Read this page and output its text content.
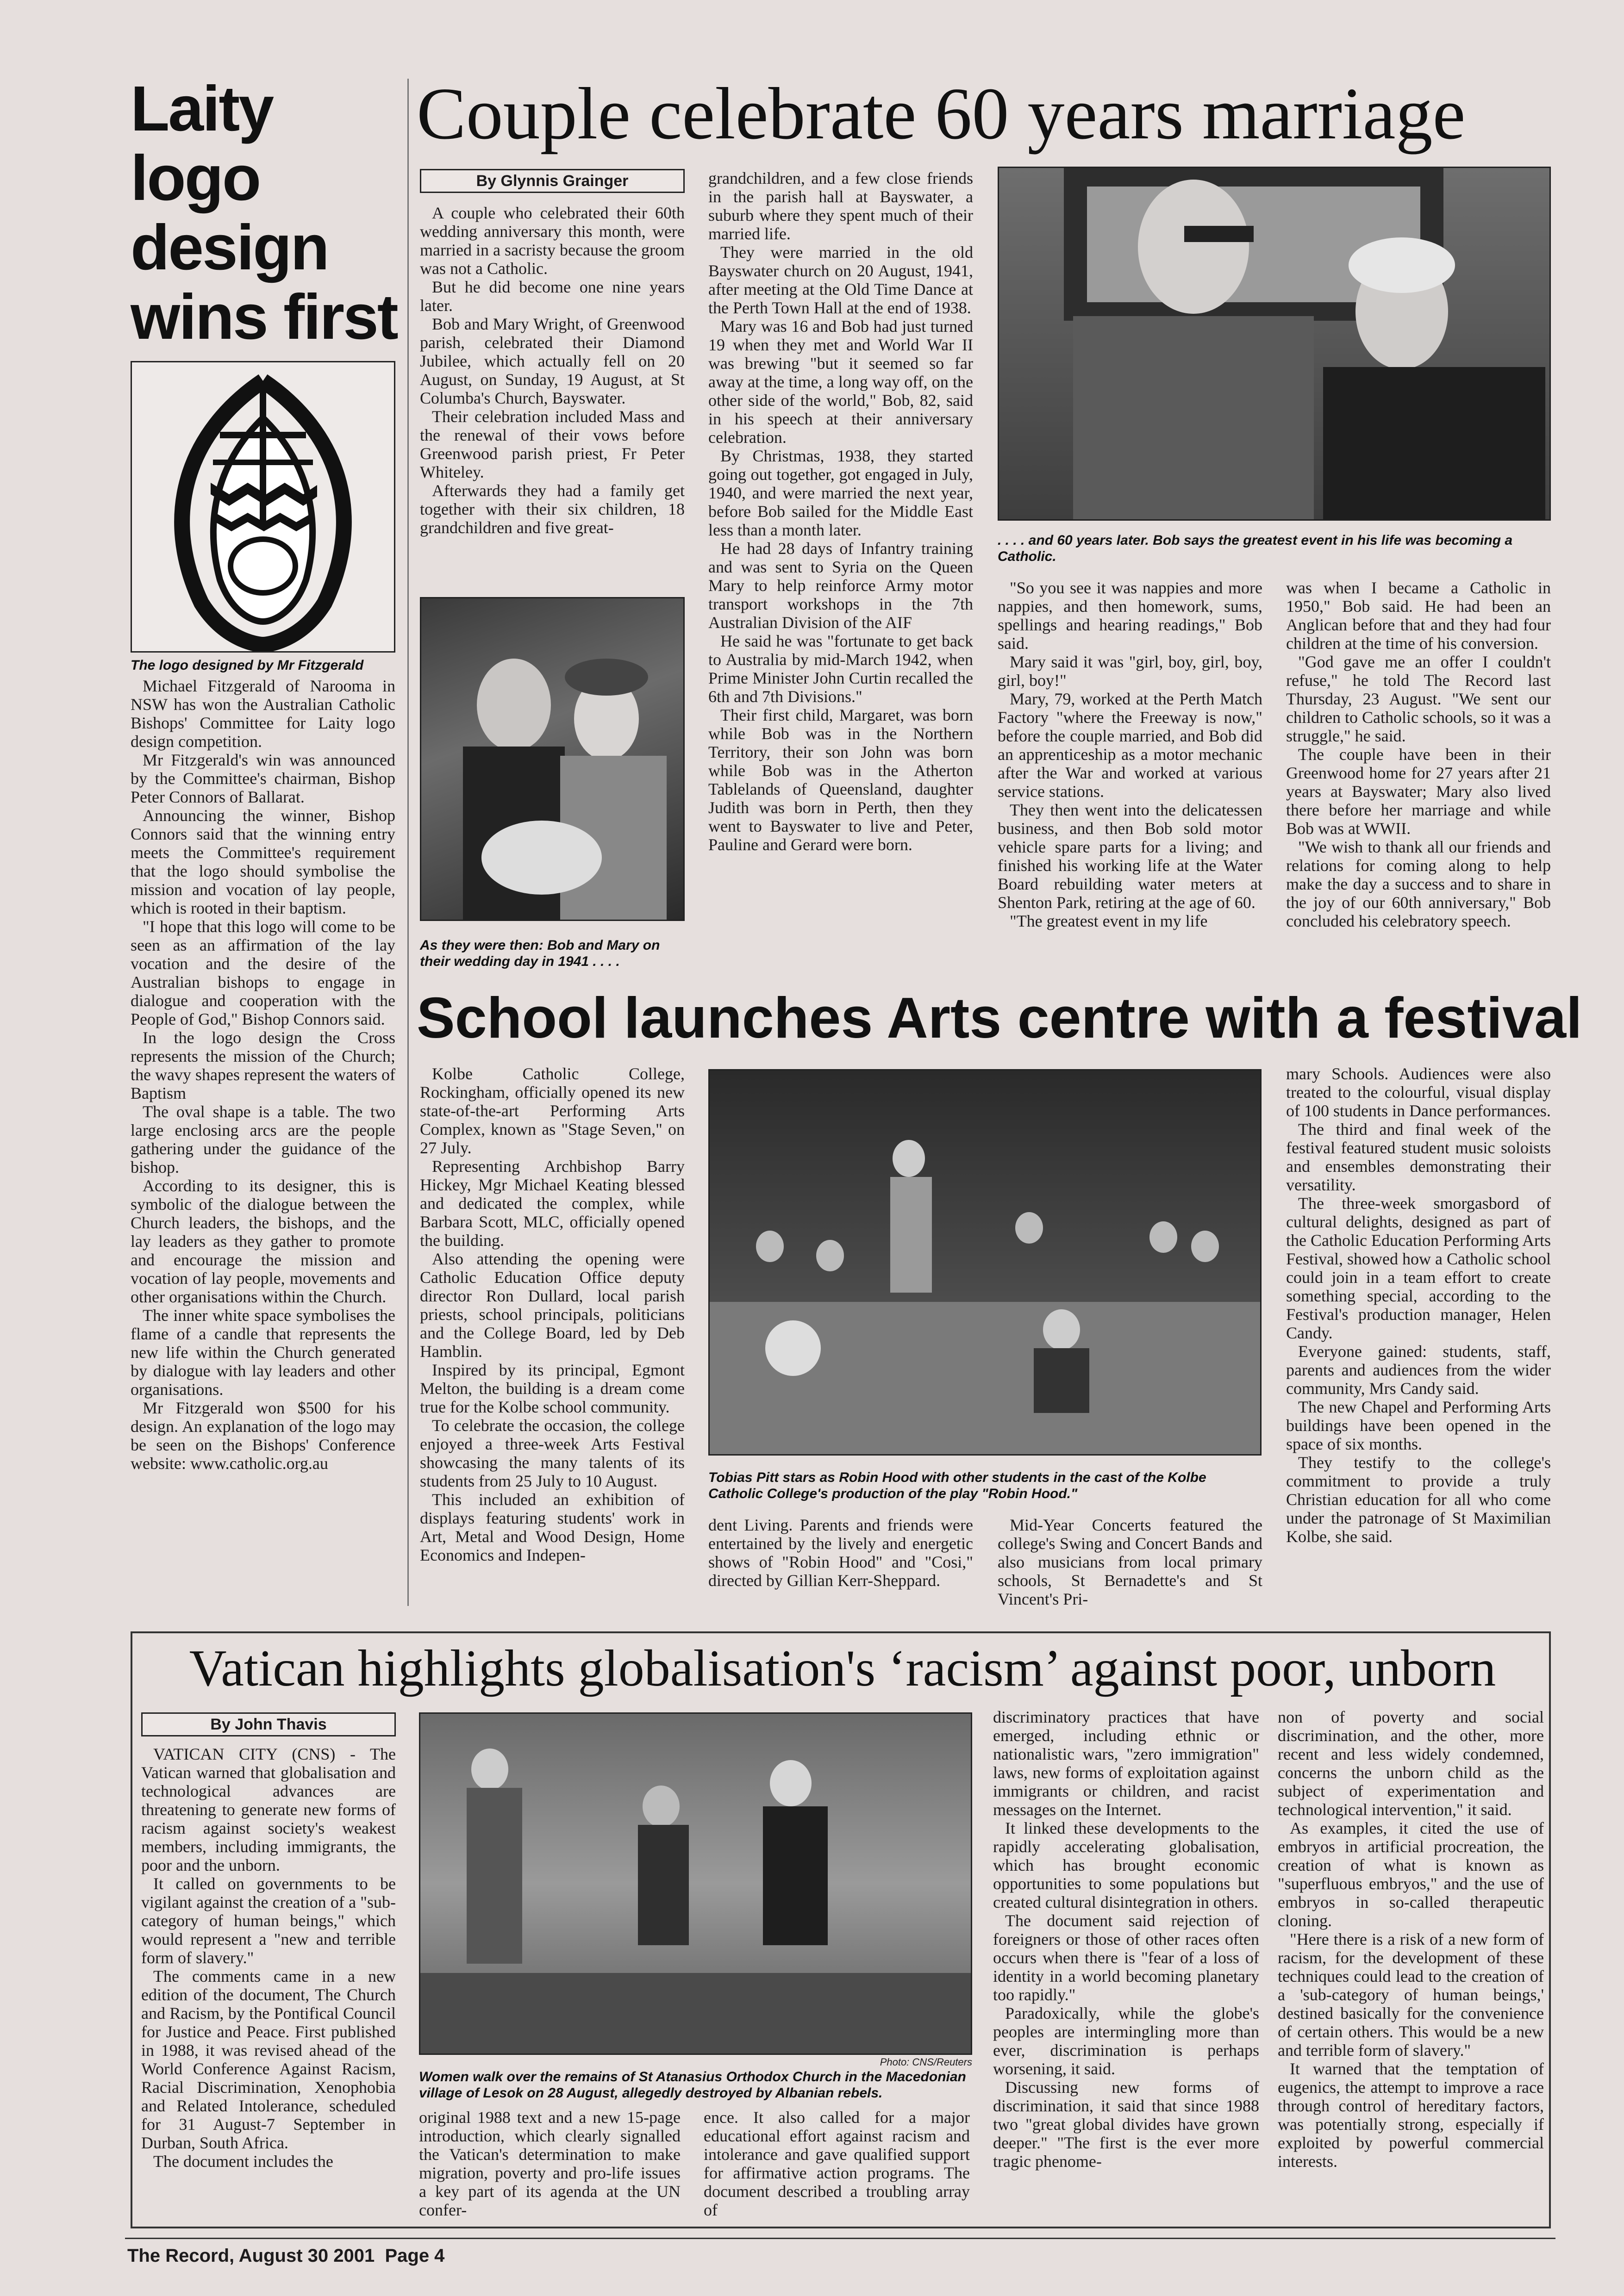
Laity logo design wins first
The logo designed by Mr Fitzgerald

Michael Fitzgerald of Narooma in NSW has won the Australian Catholic Bishops' Committee for Laity logo design competition.

Mr Fitzgerald's win was announced by the Committee's chairman, Bishop Peter Connors of Ballarat.

Announcing the winner, Bishop Connors said that the winning entry meets the Committee's requirement that the logo should symbolise the mission and vocation of lay people, which is rooted in their baptism.

"I hope that this logo will come to be seen as an affirmation of the lay vocation and the desire of the Australian bishops to engage in dialogue and cooperation with the People of God," Bishop Connors said.

In the logo design the Cross represents the mission of the Church; the wavy shapes represent the waters of Baptism

The oval shape is a table. The two large enclosing arcs are the people gathering under the guidance of the bishop.

According to its designer, this is symbolic of the dialogue between the Church leaders, the bishops, and the lay leaders as they gather to promote and encourage the mission and vocation of lay people, movements and other organisations within the Church.

The inner white space symbolises the flame of a candle that represents the new life within the Church generated by dialogue with lay leaders and other organisations.

Mr Fitzgerald won $500 for his design. An explanation of the logo may be seen on the Bishops' Conference website: www.catholic.org.au

Couple celebrate 60 years marriage
By Glynnis Grainger

A couple who celebrated their 60th wedding anniversary this month, were married in a sacristy because the groom was not a Catholic.

But he did become one nine years later.

Bob and Mary Wright, of Greenwood parish, celebrated their Diamond Jubilee, which actually fell on 20 August, on Sunday, 19 August, at St Columba's Church, Bayswater.

Their celebration included Mass and the renewal of their vows before Greenwood parish priest, Fr Peter Whiteley.

Afterwards they had a family get together with their six children, 18 grandchildren and five great-

As they were then: Bob and Mary on their wedding day in 1941 . . . .

grandchildren, and a few close friends in the parish hall at Bayswater, a suburb where they spent much of their married life.

They were married in the old Bayswater church on 20 August, 1941, after meeting at the Old Time Dance at the Perth Town Hall at the end of 1938.

Mary was 16 and Bob had just turned 19 when they met and World War II was brewing "but it seemed so far away at the time, a long way off, on the other side of the world," Bob, 82, said in his speech at their anniversary celebration.

By Christmas, 1938, they started going out together, got engaged in July, 1940, and were married the next year, before Bob sailed for the Middle East less than a month later.

He had 28 days of Infantry training and was sent to Syria on the Queen Mary to help reinforce Army motor transport workshops in the 7th Australian Division of the AIF

He said he was "fortunate to get back to Australia by mid-March 1942, when Prime Minister John Curtin recalled the 6th and 7th Divisions."

Their first child, Margaret, was born while Bob was in the Northern Territory, their son John was born while Bob was in the Atherton Tablelands of Queensland, daughter Judith was born in Perth, then they went to Bayswater to live and Peter, Pauline and Gerard were born.

. . . . and 60 years later. Bob says the greatest event in his life was becoming a Catholic.

"So you see it was nappies and more nappies, and then homework, sums, spellings and hearing readings," Bob said.

Mary said it was "girl, boy, girl, boy, girl, boy!"

Mary, 79, worked at the Perth Match Factory "where the Freeway is now," before the couple married, and Bob did an apprenticeship as a motor mechanic after the War and worked at various service stations.

They then went into the delicatessen business, and then Bob sold motor vehicle spare parts for a living; and finished his working life at the Water Board rebuilding water meters at Shenton Park, retiring at the age of 60.

"The greatest event in my life

was when I became a Catholic in 1950," Bob said. He had been an Anglican before that and they had four children at the time of his conversion.

"God gave me an offer I couldn't refuse," he told The Record last Thursday, 23 August. "We sent our children to Catholic schools, so it was a struggle," he said.

The couple have been in their Greenwood home for 27 years after 21 years at Bayswater; Mary also lived there before her marriage and while Bob was at WWII.

"We wish to thank all our friends and relations for coming along to help make the day a success and to share in the joy of our 60th anniversary," Bob concluded his celebratory speech.

School launches Arts centre with a festival

Kolbe Catholic College, Rockingham, officially opened its new state-of-the-art Performing Arts Complex, known as "Stage Seven," on 27 July.

Representing Archbishop Barry Hickey, Mgr Michael Keating blessed and dedicated the complex, while Barbara Scott, MLC, officially opened the building.

Also attending the opening were Catholic Education Office deputy director Ron Dullard, local parish priests, school principals, politicians and the College Board, led by Deb Hamblin.

Inspired by its principal, Egmont Melton, the building is a dream come true for the Kolbe school community.

To celebrate the occasion, the college enjoyed a three-week Arts Festival showcasing the many talents of its students from 25 July to 10 August.

This included an exhibition of displays featuring students' work in Art, Metal and Wood Design, Home Economics and Indepen-

Tobias Pitt stars as Robin Hood with other students in the cast of the Kolbe Catholic College's production of the play "Robin Hood."

dent Living. Parents and friends were entertained by the lively and energetic shows of "Robin Hood" and "Cosi," directed by Gillian Kerr-Sheppard.

Mid-Year Concerts featured the college's Swing and Concert Bands and also musicians from local primary schools, St Bernadette's and St Vincent's Pri-

mary Schools. Audiences were also treated to the colourful, visual display of 100 students in Dance performances.

The third and final week of the festival featured student music soloists and ensembles demonstrating their versatility.

The three-week smorgasbord of cultural delights, designed as part of the Catholic Education Performing Arts Festival, showed how a Catholic school could join in a team effort to create something special, according to the Festival's production manager, Helen Candy.

Everyone gained: students, staff, parents and audiences from the wider community, Mrs Candy said.

The new Chapel and Performing Arts buildings have been opened in the space of six months.

They testify to the college's commitment to provide a truly Christian education for all who come under the patronage of St Maximilian Kolbe, she said.

Vatican highlights globalisation's ‘racism’ against poor, unborn
By John Thavis

VATICAN CITY (CNS) - The Vatican warned that globalisation and technological advances are threatening to generate new forms of racism against society's weakest members, including immigrants, the poor and the unborn.

It called on governments to be vigilant against the creation of a "sub-category of human beings," which would represent a "new and terrible form of slavery."

The comments came in a new edition of the document, The Church and Racism, by the Pontifical Council for Justice and Peace. First published in 1988, it was revised ahead of the World Conference Against Racism, Racial Discrimination, Xenophobia and Related Intolerance, scheduled for 31 August-7 September in Durban, South Africa.

The document includes the

Photo: CNS/Reuters
Women walk over the remains of St Atanasius Orthodox Church in the Macedonian village of Lesok on 28 August, allegedly destroyed by Albanian rebels.

original 1988 text and a new 15-page introduction, which clearly signalled the Vatican's determination to make migration, poverty and pro-life issues a key part of its agenda at the UN confer-

ence. It also called for a major educational effort against racism and intolerance and gave qualified support for affirmative action programs. The document described a troubling array of

discriminatory practices that have emerged, including ethnic or nationalistic wars, "zero immigration" laws, new forms of exploitation against immigrants or children, and racist messages on the Internet.

It linked these developments to the rapidly accelerating globalisation, which has brought economic opportunities to some populations but created cultural disintegration in others.

The document said rejection of foreigners or those of other races often occurs when there is "fear of a loss of identity in a world becoming planetary too rapidly."

Paradoxically, while the globe's peoples are intermingling more than ever, discrimination is perhaps worsening, it said.

Discussing new forms of discrimination, it said that since 1988 two "great global divides have grown deeper." "The first is the ever more tragic phenome-

non of poverty and social discrimination, and the other, more recent and less widely condemned, concerns the unborn child as the subject of experimentation and technological intervention," it said.

As examples, it cited the use of embryos in artificial procreation, the creation of what is known as "superfluous embryos," and the use of embryos in so-called therapeutic cloning.

"Here there is a risk of a new form of racism, for the development of these techniques could lead to the creation of a 'sub-category of human beings,' destined basically for the convenience of certain others. This would be a new and terrible form of slavery."

It warned that the temptation of eugenics, the attempt to improve a race through control of hereditary factors, was potentially strong, especially if exploited by powerful commercial interests.

The Record, August 30 2001  Page 4
